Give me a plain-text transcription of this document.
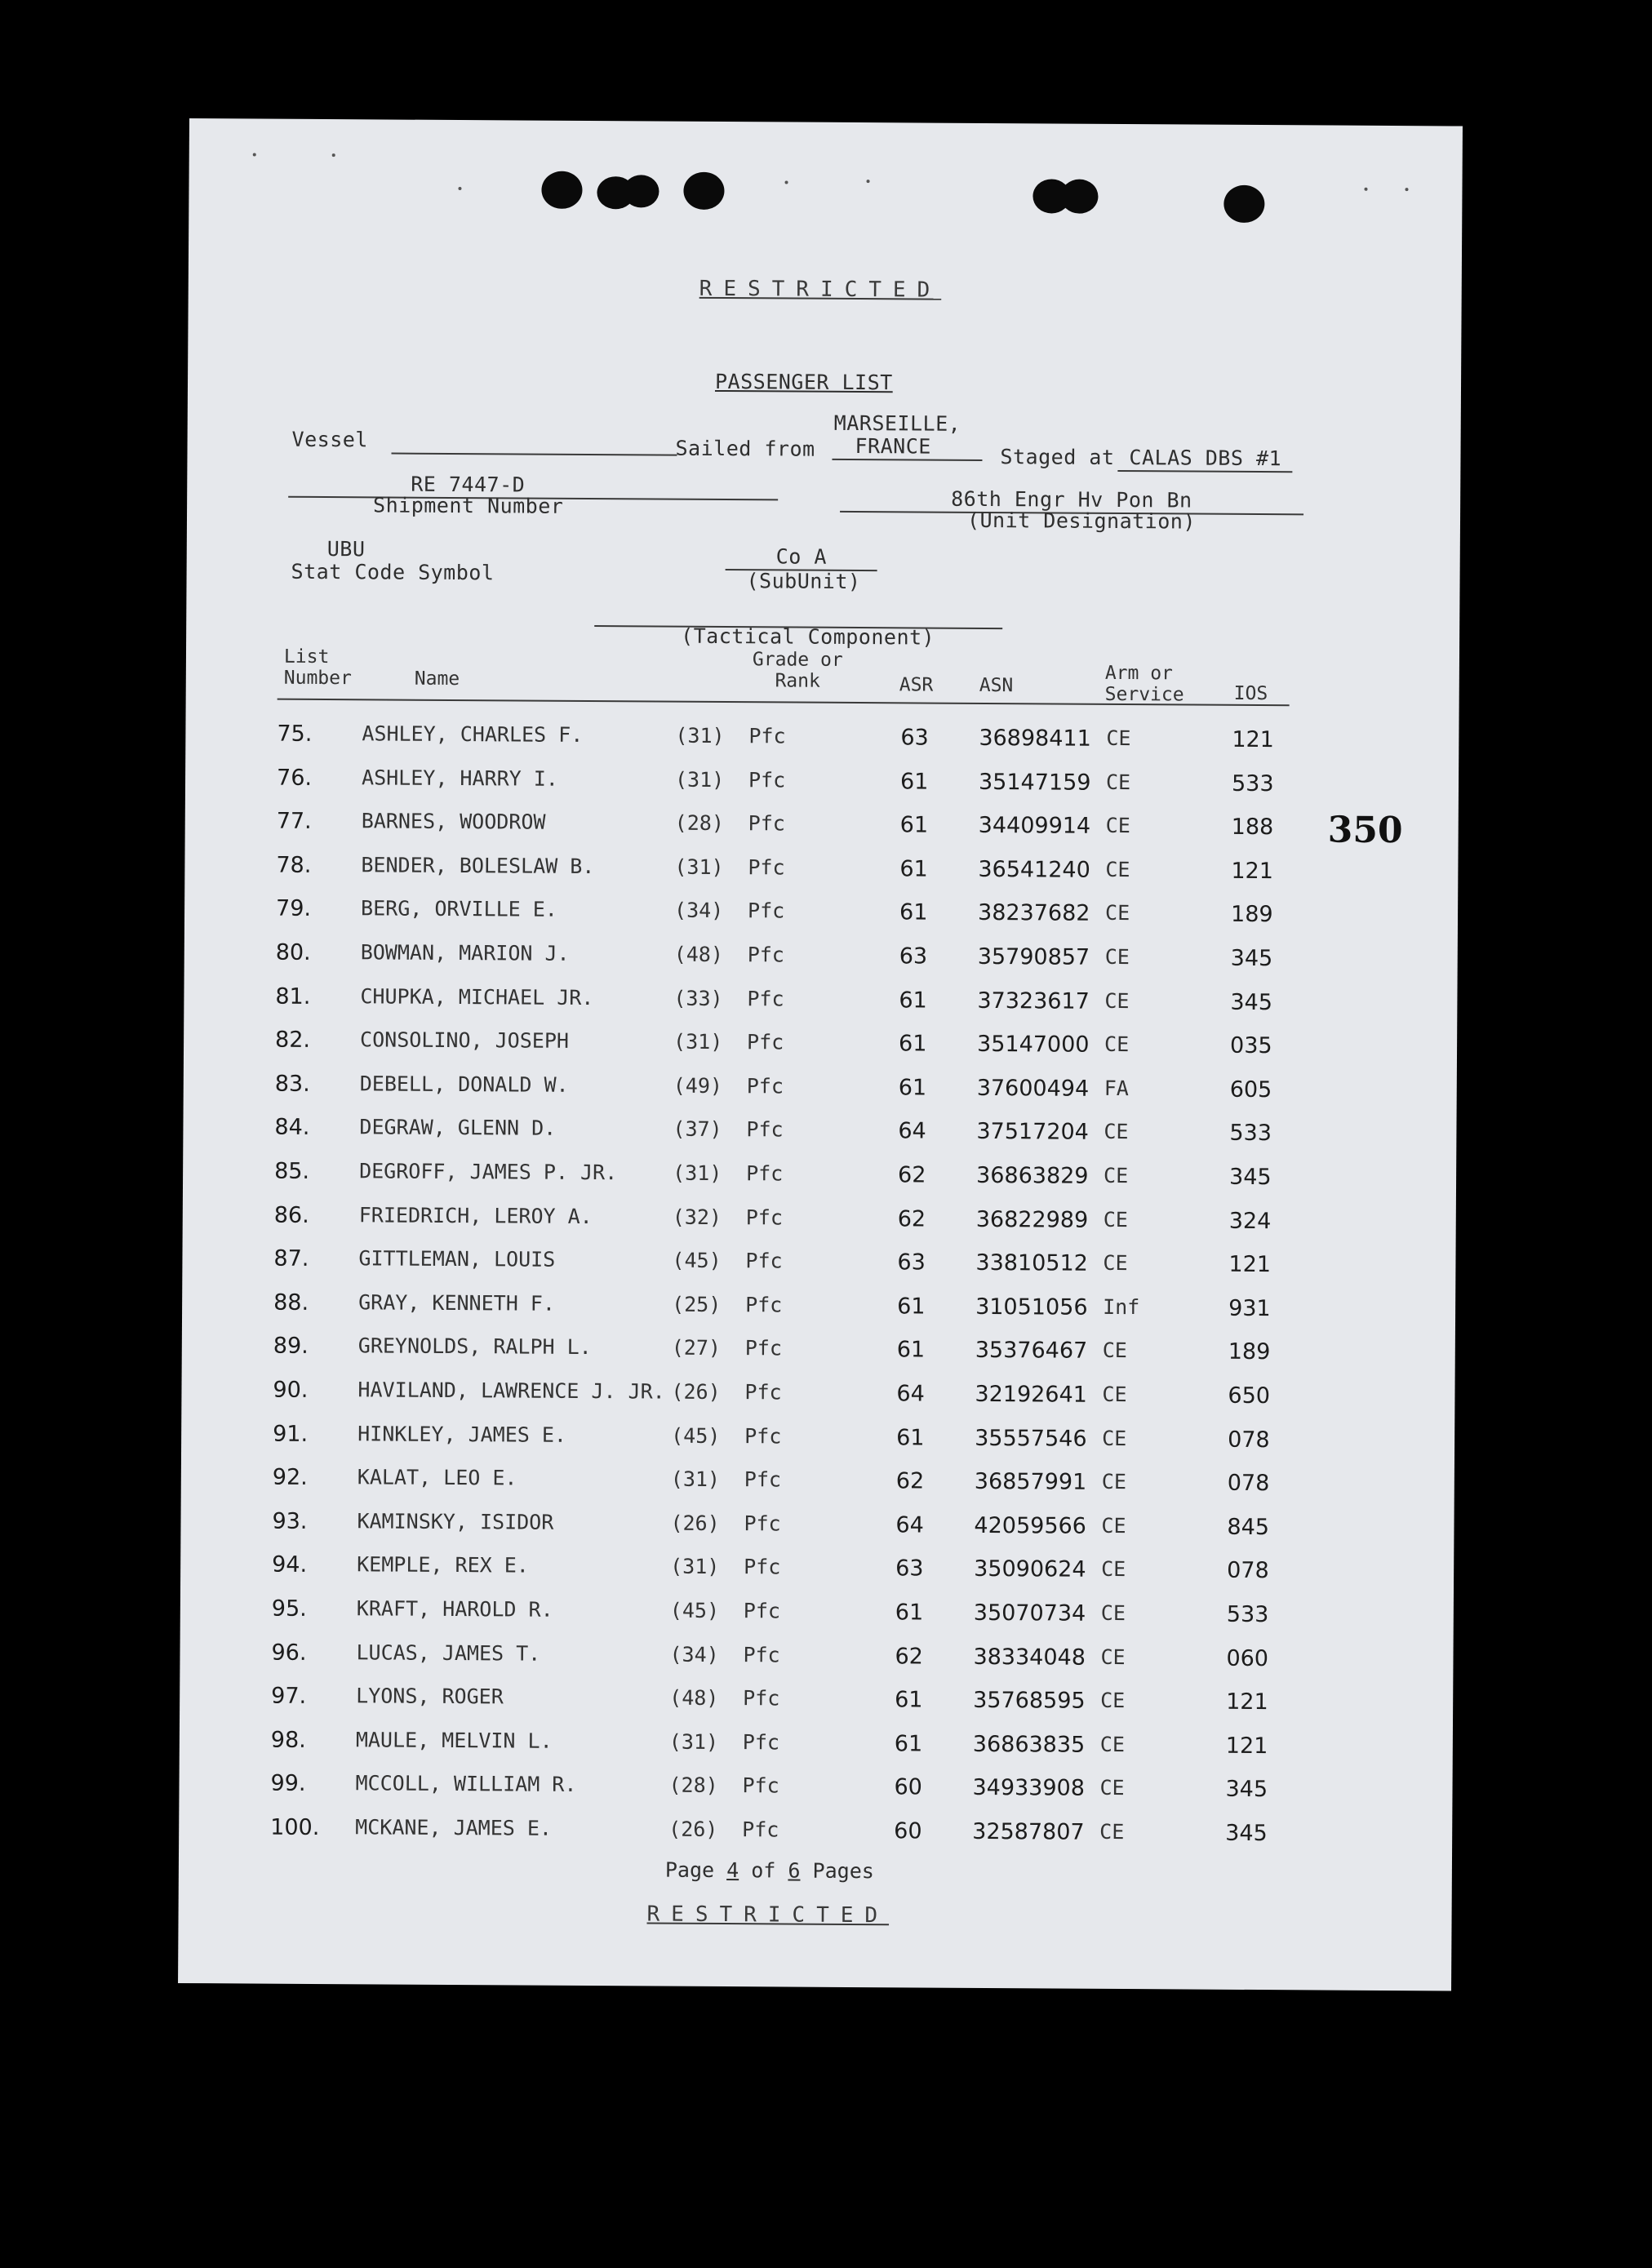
RESTRICTED
PASSENGER LIST
Vessel	Sailed from
MARSEILLE,
FRANCE	Staged at CALAS DBS #1
RE 7447-D
Shipment Number	86th Engr Hv Pon Bn
(Unit Designation)
UBU
Stat Code Symbol
Co A
(SubUnit)
(Tactical Component)
List
Number	Name
Grade or
Rank	ASR ASN
Arm or
Service	IOS
75. ASHLEY, CHARLES F.	(31) Pfc	63 36898411 CE	121
76. ASHLEY, HARRY I.	(31) Pfc	61 35147159 CE	533
77. BARNES, WOODROW	(28) Pfc	61 34409914 CE	188
78. BENDER, BOLESLAW B.	(31) Pfc	61 36541240 CE	121
79. BERG, ORVILLE E.	(34) Pfc	61 38237682 CE	189
80. BOWMAN, MARION J.	(48) Pfc	63 35790857 CE	345
81. CHUPKA, MICHAEL JR.	(33) Pfc	61 37323617 CE	345
82. CONSOLINO, JOSEPH	(31) Pfc	61 35147000 CE	035
83. DEBELL, DONALD W.	(49) Pfc	61 37600494 FA	605
84. DEGRAW, GLENN D.	(37) Pfc	64 37517204 CE	533
85. DEGROFF, JAMES P. JR.	(31) Pfc	62 36863829 CE	345
86. FRIEDRICH, LEROY A.	(32) Pfc	62 36822989 CE	324
87. GITTLEMAN, LOUIS	(45) Pfc	63 33810512 CE	121
88. GRAY, KENNETH F.	(25) Pfc	61 31051056 Inf	931
89. GREYNOLDS, RALPH L.	(27) Pfc	61 35376467 CE	189
90. HAVILAND, LAWRENCE J. JR. (26) Pfc	64 32192641 CE	650
91. HINKLEY, JAMES E.	(45) Pfc	61 35557546 CE	078
92. KALAT, LEO E.	(31) Pfc	62 36857991 CE	078
93. KAMINSKY, ISIDOR	(26) Pfc	64 42059566 CE	845
94. KEMPLE, REX E.	(31) Pfc	63 35090624 CE	078
95. KRAFT, HAROLD R.	(45) Pfc	61 35070734 CE	533
96. LUCAS, JAMES T.	(34) Pfc	62 38334048 CE	060
97. LYONS, ROGER	(48) Pfc	61 35768595 CE	121
98. MAULE, MELVIN L.	(31) Pfc	61 36863835 CE	121
99. MCCOLL, WILLIAM R.	(28) Pfc	60 34933908 CE	345
100. MCKANE, JAMES E.	(26) Pfc	60 32587807 CE	345
350
Page 4 of 6 Pages
RESTRICTED
